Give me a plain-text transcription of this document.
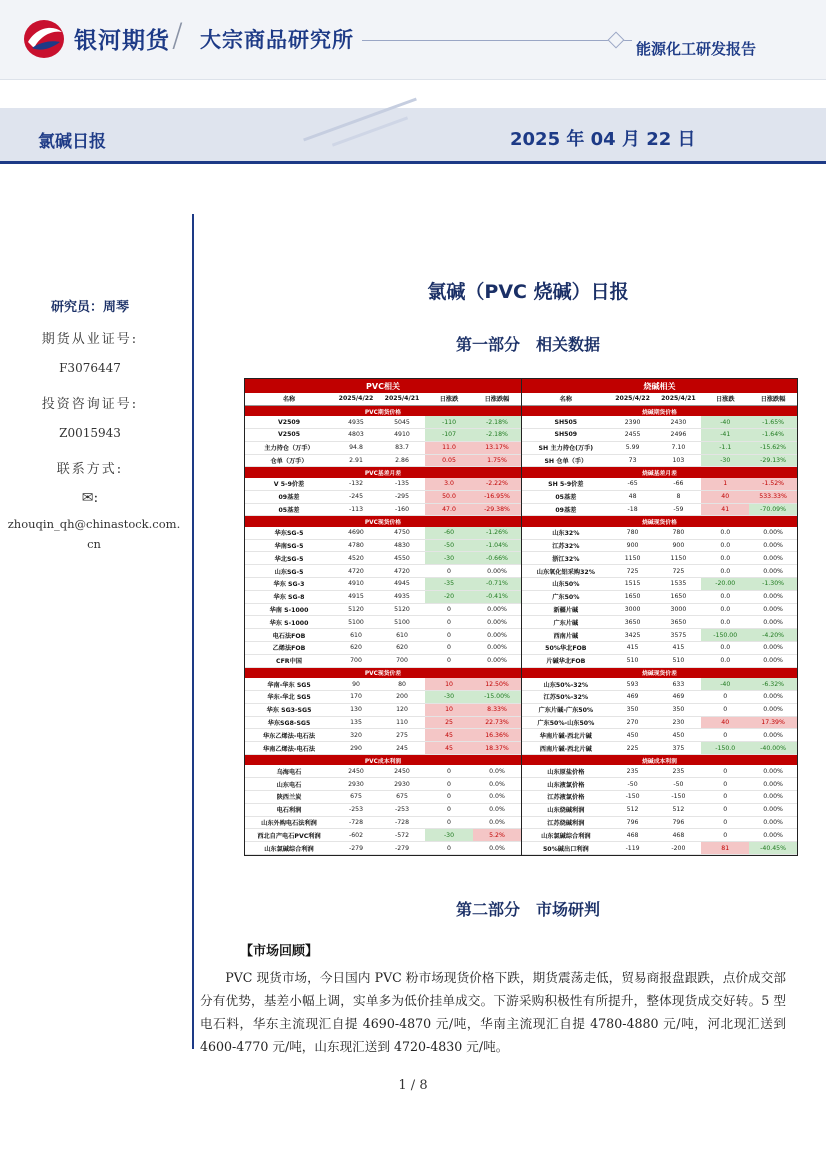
银河期货 / 大宗商品研究所	能源化工研发报告
氯碱日报	2025 年 04 月 22 日
研究员：周琴
期货从业证号:
F3076447
投资咨询证号:
Z0015943
联系方式:
✉:
zhouqin_qh@chinastock.com.cn
氯碱（PVC 烧碱）日报
第一部分　相关数据
PVC相关
名称	2025/4/22	2025/4/21	日涨跌	日涨跌幅
PVC期货价格
V2509	4935	5045	-110	-2.18%
V2505	4803	4910	-107	-2.18%
主力持仓（万手）	94.8	83.7	11.0	13.17%
仓单（万手）	2.91	2.86	0.05	1.75%
PVC基差月差
V 5-9价差	-132	-135	3.0	-2.22%
09基差	-245	-295	50.0	-16.95%
05基差	-113	-160	47.0	-29.38%
PVC现货价格
华东SG-5	4690	4750	-60	-1.26%
华南SG-5	4780	4830	-50	-1.04%
华北SG-5	4520	4550	-30	-0.66%
山东SG-5	4720	4720	0	0.00%
华东 SG-3	4910	4945	-35	-0.71%
华东 SG-8	4915	4935	-20	-0.41%
华南 S-1000	5120	5120	0	0.00%
华东 S-1000	5100	5100	0	0.00%
电石法FOB	610	610	0	0.00%
乙烯法FOB	620	620	0	0.00%
CFR中国	700	700	0	0.00%
PVC现货价差
华南-华东 SG5	90	80	10	12.50%
华东-华北 SG5	170	200	-30	-15.00%
华东 SG3-SG5	130	120	10	8.33%
华东SG8-SG5	135	110	25	22.73%
华东乙烯法-电石法	320	275	45	16.36%
华南乙烯法-电石法	290	245	45	18.37%
PVC成本利润
乌海电石	2450	2450	0	0.0%
山东电石	2930	2930	0	0.0%
陕西兰炭	675	675	0	0.0%
电石利润	-253	-253	0	0.0%
山东外购电石法利润	-728	-728	0	0.0%
西北自产电石PVC利润	-602	-572	-30	5.2%
山东氯碱综合利润	-279	-279	0	0.0%
烧碱相关
名称	2025/4/22	2025/4/21	日涨跌	日涨跌幅
烧碱期货价格
SH505	2390	2430	-40	-1.65%
SH509	2455	2496	-41	-1.64%
SH 主力持仓(万手)	5.99	7.10	-1.1	-15.62%
SH 仓单（手）	73	103	-30	-29.13%
烧碱基差月差
SH 5-9价差	-65	-66	1	-1.52%
05基差	48	8	40	533.33%
09基差	-18	-59	41	-70.09%
烧碱现货价格
山东32%	780	780	0.0	0.00%
江苏32%	900	900	0.0	0.00%
浙江32%	1150	1150	0.0	0.00%
山东氧化铝采购32%	725	725	0.0	0.00%
山东50%	1515	1535	-20.00	-1.30%
广东50%	1650	1650	0.0	0.00%
新疆片碱	3000	3000	0.0	0.00%
广东片碱	3650	3650	0.0	0.00%
西南片碱	3425	3575	-150.00	-4.20%
50%华北FOB	415	415	0.0	0.00%
片碱华北FOB	510	510	0.0	0.00%
烧碱现货价差
山东50%-32%	593	633	-40	-6.32%
江苏50%-32%	469	469	0	0.00%
广东片碱-广东50%	350	350	0	0.00%
广东50%-山东50%	270	230	40	17.39%
华南片碱-西北片碱	450	450	0	0.00%
西南片碱-西北片碱	225	375	-150.0	-40.00%
烧碱成本利润
山东原盐价格	235	235	0	0.00%
山东液氯价格	-50	-50	0	0.00%
江苏液氯价格	-150	-150	0	0.00%
山东烧碱利润	512	512	0	0.00%
江苏烧碱利润	796	796	0	0.00%
山东氯碱综合利润	468	468	0	0.00%
50%碱出口利润	-119	-200	81	-40.45%
第二部分　市场研判
【市场回顾】
PVC 现货市场，今日国内 PVC 粉市场现货价格下跌，期货震荡走低，贸易商报盘跟跌，点价成交部分有优势，基差小幅上调，实单多为低价挂单成交。下游采购积极性有所提升，整体现货成交好转。5 型电石料，华东主流现汇自提 4690-4870 元/吨，华南主流现汇自提 4780-4880 元/吨，河北现汇送到 4600-4770 元/吨，山东现汇送到 4720-4830 元/吨。
1 / 8
